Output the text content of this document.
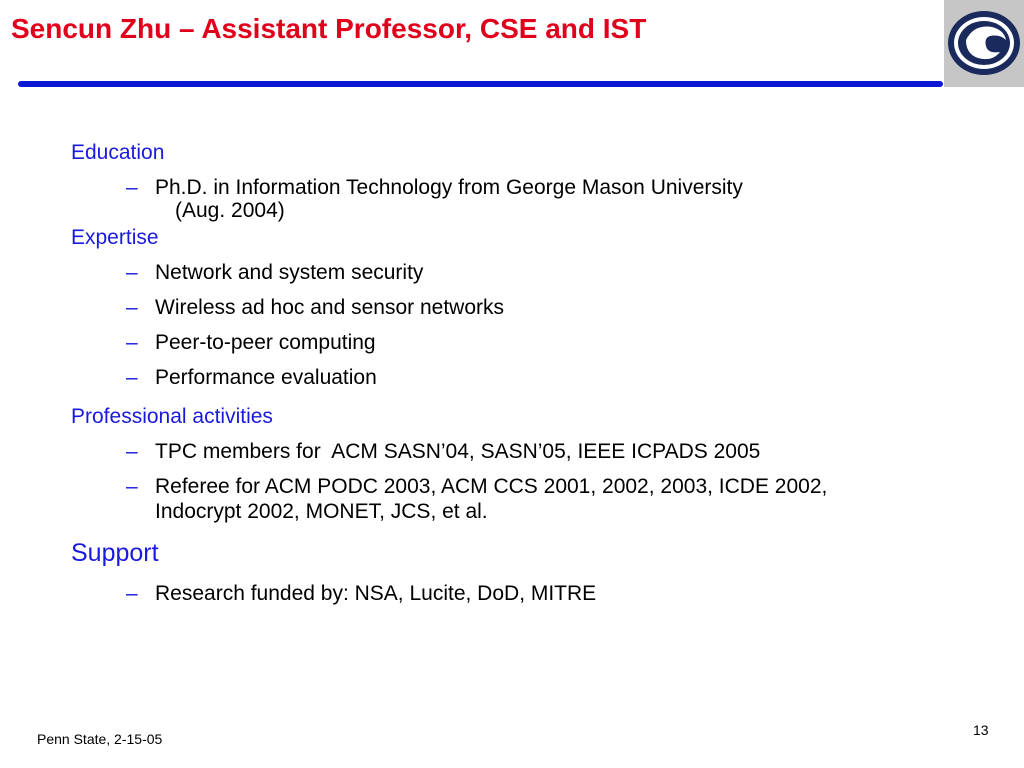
Sencun Zhu – Assistant Professor, CSE and IST
Education
– Ph.D. in Information Technology from George Mason University
(Aug. 2004)
Expertise
– Network and system security
– Wireless ad hoc and sensor networks
– Peer-to-peer computing
– Performance evaluation
Professional activities
– TPC members for  ACM SASN’04, SASN’05, IEEE ICPADS 2005
– Referee for ACM PODC 2003, ACM CCS 2001, 2002, 2003, ICDE 2002,
Indocrypt 2002, MONET, JCS, et al.
Support
– Research funded by: NSA, Lucite, DoD, MITRE
Penn State, 2-15-05
13
